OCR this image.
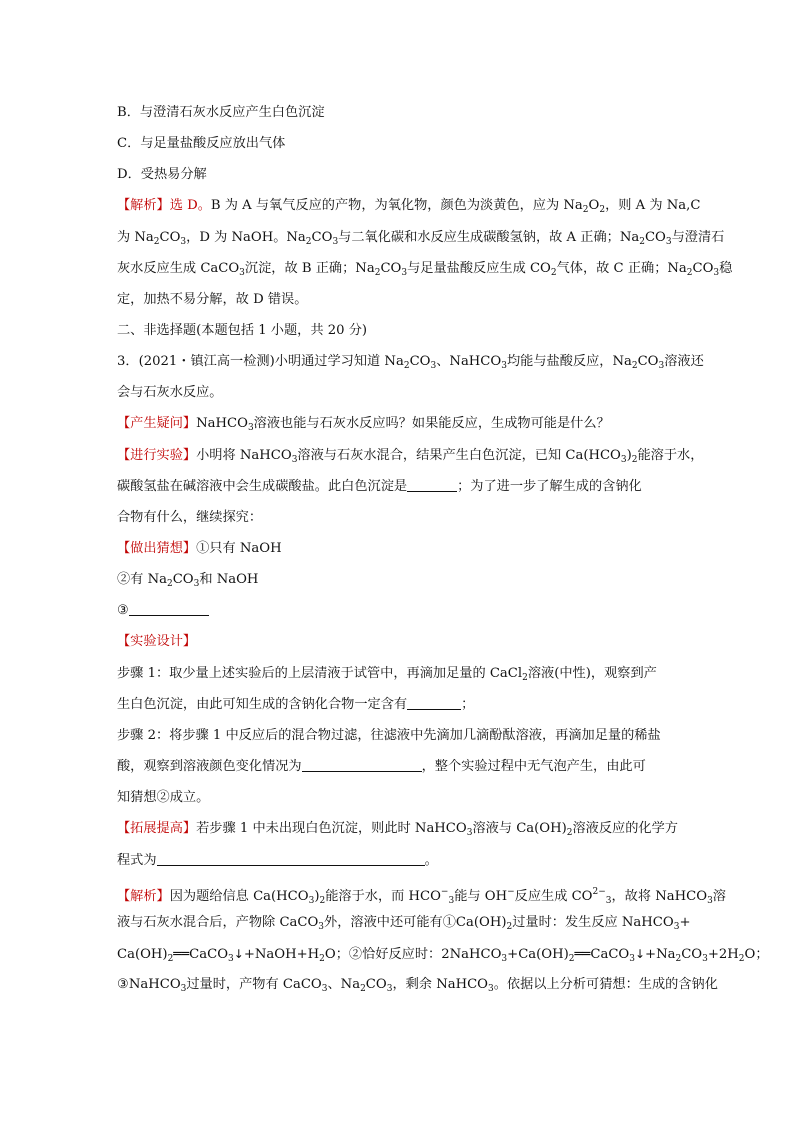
B．与澄清石灰水反应产生白色沉淀
C．与足量盐酸反应放出气体
D．受热易分解
【解析】选 D。B 为 A 与氧气反应的产物，为氧化物，颜色为淡黄色，应为 $Na_2O_2$，则 A 为 Na,C
为 $Na_2CO_3$，D 为 NaOH。$Na_2CO_3$与二氧化碳和水反应生成碳酸氢钠，故 A 正确；$Na_2CO_3$与澄清石
灰水反应生成 CaCO$_3$沉淀，故 B 正确；$Na_2CO_3$与足量盐酸反应生成 $CO_2$气体，故 C 正确；$Na_2CO_3$稳
定，加热不易分解，故 D 错误。
二、非选择题(本题包括 1 小题，共 20 分)
3．(2021・镇江高一检测)小明通过学习知道 $Na_2CO_3$、NaHCO$_3$均能与盐酸反应，$Na_2CO_3$溶液还
会与石灰水反应。
【产生疑问】NaHCO$_3$溶液也能与石灰水反应吗？如果能反应，生成物可能是什么？
【进行实验】小明将 NaHCO$_3$溶液与石灰水混合，结果产生白色沉淀，已知 $Ca(HCO_3)_2$能溶于水，
碳酸氢盐在碱溶液中会生成碳酸盐。此白色沉淀是	；为了进一步了解生成的含钠化
合物有什么，继续探究：
【做出猜想】①只有 NaOH
②有 $Na_2CO_3$和 NaOH
③
【实验设计】
步骤 1：取少量上述实验后的上层清液于试管中，再滴加足量的 CaCl$_2$溶液(中性)，观察到产
生白色沉淀，由此可知生成的含钠化合物一定含有	；
步骤 2：将步骤 1 中反应后的混合物过滤，往滤液中先滴加几滴酚酞溶液，再滴加足量的稀盐
酸，观察到溶液颜色变化情况为	，整个实验过程中无气泡产生，由此可
知猜想②成立。
【拓展提高】若步骤 1 中未出现白色沉淀，则此时 NaHCO$_3$溶液与 $Ca(OH)_2$溶液反应的化学方
程式为	。
【解析】因为题给信息 $Ca(HCO_3)_2$能溶于水，而 $HCO^-_3$能与 OH−反应生成 $CO^{2-}_3$，故将 NaHCO$_3$溶
液与石灰水混合后，产物除 CaCO$_3$外，溶液中还可能有$①Ca(OH)_2$过量时：发生反应 NaHCO$_3$+
$Ca(OH)_2══CaCO_3↓+NaOH+H_2O$；②恰好反应时：$2NaHCO_3+Ca(OH)_2══CaCO_3↓+Na_2CO_3+2H_2O$；
③NaHCO$_3$过量时，产物有 CaCO$_3$、$Na_2CO_3$，剩余 NaHCO$_3$。依据以上分析可猜想：生成的含钠化
